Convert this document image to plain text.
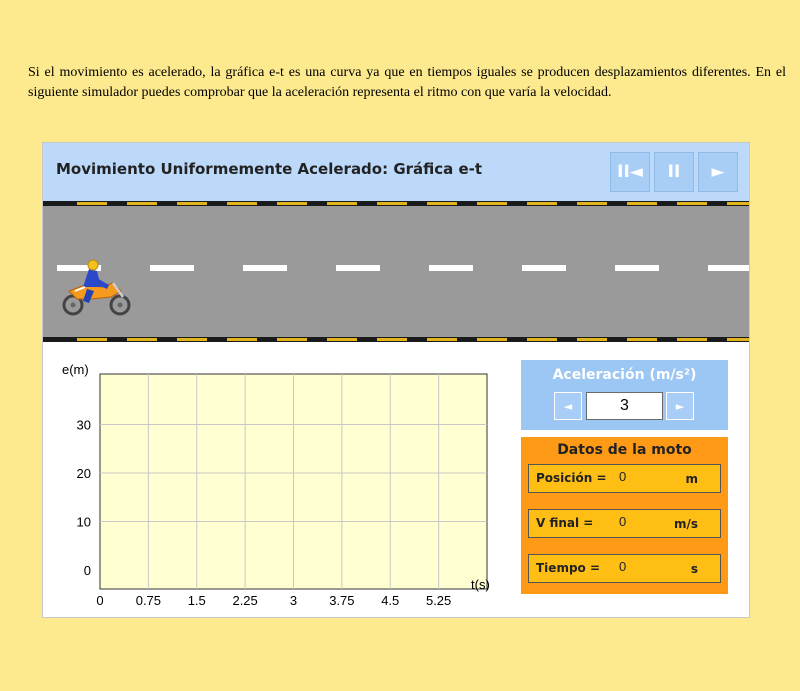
Si el movimiento es acelerado, la gráfica e-t es una curva ya que en tiempos iguales se producen desplazamientos diferentes. En el siguiente simulador puedes comprobar que la aceleración representa el ritmo con que varía la velocidad.

Movimiento Uniformemente Acelerado: Gráfica e-t	II◄	II	►
e(m)
0
10
20
30
0 0.75 1.5 2.25 3 3.75 4.5 5.25
t(s)
Aceleración (m/s²)
◄	3	►
Datos de la moto
Posición = 0	m
V final = 0	m/s
Tiempo = 0	s
